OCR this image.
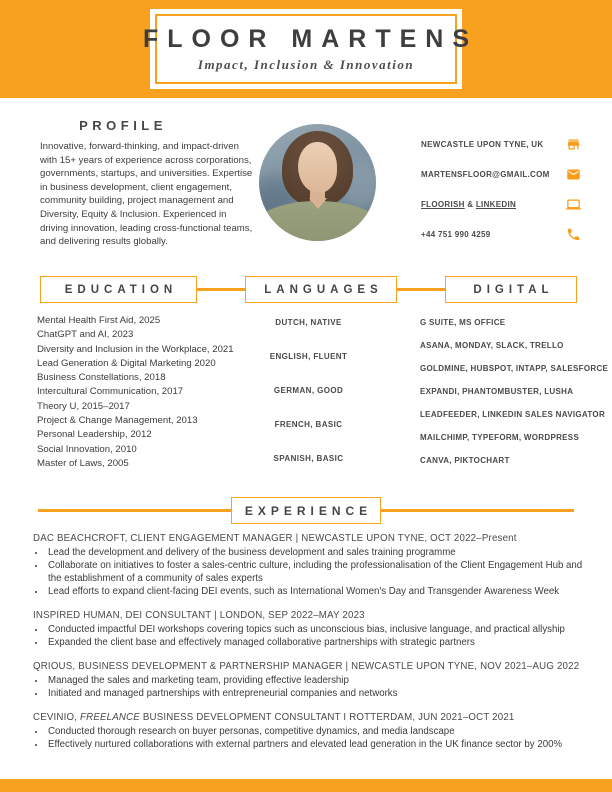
FLOOR MARTENS
Impact, Inclusion & Innovation
PROFILE

Innovative, forward-thinking, and impact-driven with 15+ years of experience across corporations, governments, startups, and universities. Expertise in business development, client engagement, community building, project management and Diversity, Equity & Inclusion. Experienced in driving innovation, leading cross-functional teams, and delivering results globally.

NEWCASTLE UPON TYNE, UK
MARTENSFLOOR@GMAIL.COM
FLOORISH & LINKEDIN
+44 751 990 4259
EDUCATION	LANGUAGES	DIGITAL
Mental Health First Aid, 2025
ChatGPT and AI, 2023
Diversity and Inclusion in the Workplace, 2021
Lead Generation & Digital Marketing 2020
Business Constellations, 2018
Intercultural Communication, 2017
Theory U, 2015–2017
Project & Change Management, 2013
Personal Leadership, 2012
Social Innovation, 2010
Master of Laws, 2005
DUTCH, NATIVE
ENGLISH, FLUENT
GERMAN, GOOD
FRENCH, BASIC
SPANISH, BASIC
G SUITE, MS OFFICE
ASANA, MONDAY, SLACK, TRELLO
GOLDMINE, HUBSPOT, INTAPP, SALESFORCE
EXPANDI, PHANTOMBUSTER, LUSHA
LEADFEEDER, LINKEDIN SALES NAVIGATOR
MAILCHIMP, TYPEFORM, WORDPRESS
CANVA, PIKTOCHART
EXPERIENCE
DAC BEACHCROFT, CLIENT ENGAGEMENT MANAGER | NEWCASTLE UPON TYNE, OCT 2022–Present
• Lead the development and delivery of the business development and sales training programme
• Collaborate on initiatives to foster a sales-centric culture, including the professionalisation of the Client Engagement Hub and the establishment of a community of sales experts
• Lead efforts to expand client-facing DEI events, such as International Women's Day and Transgender Awareness Week
INSPIRED HUMAN, DEI CONSULTANT | LONDON, SEP 2022–MAY 2023
• Conducted impactful DEI workshops covering topics such as unconscious bias, inclusive language, and practical allyship
• Expanded the client base and effectively managed collaborative partnerships with strategic partners
QRIOUS, BUSINESS DEVELOPMENT & PARTNERSHIP MANAGER | NEWCASTLE UPON TYNE, NOV 2021–AUG 2022
• Managed the sales and marketing team, providing effective leadership
• Initiated and managed partnerships with entrepreneurial companies and networks
CEVINIO, FREELANCE BUSINESS DEVELOPMENT CONSULTANT I ROTTERDAM, JUN 2021–OCT 2021
• Conducted thorough research on buyer personas, competitive dynamics, and media landscape
• Effectively nurtured collaborations with external partners and elevated lead generation in the UK finance sector by 200%
